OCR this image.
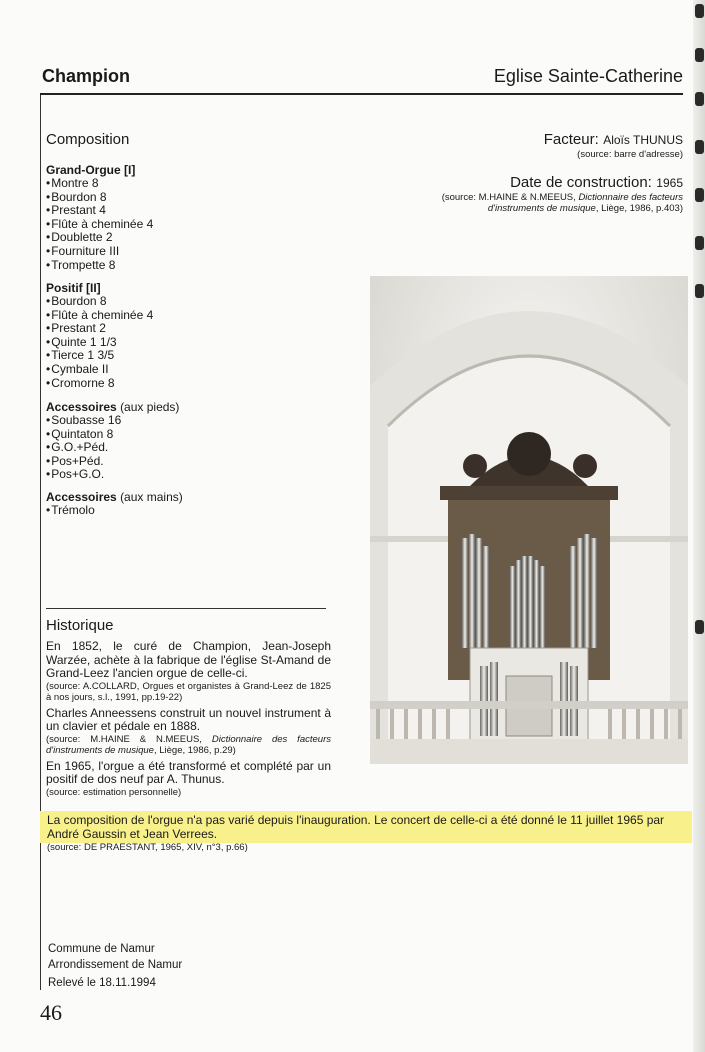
Champion	Eglise Sainte-Catherine
Composition
Grand-Orgue [I]
• Montre 8
• Bourdon 8
• Prestant 4
• Flûte à cheminée 4
• Doublette 2
• Fourniture III
• Trompette 8
Positif [II]
• Bourdon 8
• Flûte à cheminée 4
• Prestant 2
• Quinte 1 1/3
• Tierce 1 3/5
• Cymbale II
• Cromorne 8
Accessoires (aux pieds)
• Soubasse 16
• Quintaton 8
• G.O.+Péd.
• Pos+Péd.
• Pos+G.O.
Accessoires (aux mains)
• Trémolo
Facteur: Aloïs THUNUS
(source: barre d'adresse)
Date de construction: 1965
(source: M.HAINE & N.MEEUS, Dictionnaire des facteurs d'instruments de musique, Liège, 1986, p.403)
Historique

En 1852, le curé de Champion, Jean-Joseph Warzée, achète à la fabrique de l'église St-Amand de Grand-Leez l'ancien orgue de celle-ci.

(source: A.COLLARD, Orgues et organistes à Grand-Leez de 1825 à nos jours, s.l., 1991, pp.19-22)

Charles Anneessens construit un nouvel instrument à un clavier et pédale en 1888.

(source: M.HAINE & N.MEEUS, Dictionnaire des facteurs d'instruments de musique, Liège, 1986, p.29)

En 1965, l'orgue a été transformé et complété par un positif de dos neuf par A. Thunus.

(source: estimation personnelle)

La composition de l'orgue n'a pas varié depuis l'inauguration. Le concert de celle-ci a été donné le 11 juillet 1965 par André Gaussin et Jean Verrees.
(source: DE PRAESTANT, 1965, XIV, n°3, p.66)
Commune de Namur
Arrondissement de Namur
Relevé le 18.11.1994
46
